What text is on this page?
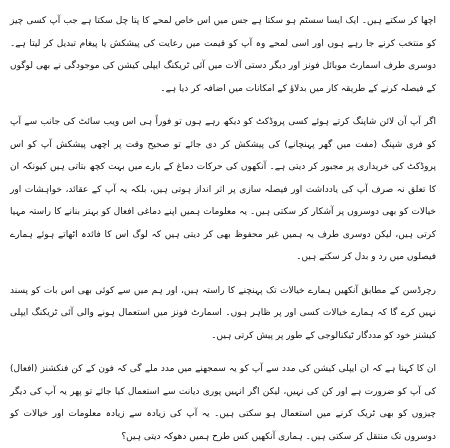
اچھا کر سکتے ہیں۔ ایک ایسا سسٹم ہو سکتا ہے جس میں اس خاص لمحے کا پتا چل سکتا ہے جب آپ کسی چیز کو منتخب کرنے جا رہے ہوں اور اسی لمحے وہ آپ کو قیمت میں رعایت کی پیشکش یا پیغام تبدیل کر لیتا ہے۔ دوسری طرف اسمارٹ موبائل فونز اور دیگر دستی آلات میں آئی ٹریکنگ ایپلی کیشن کی موجودگی نے بھی لوگوں کے فیصلہ کرنے کے طریقہ کار میں بدلاؤ کے امکانات میں اضافہ کر دیا ہے۔

اگر آپ آن لائن شاپنگ کرتے ہوئے کسی پروڈکٹ کو دیکھ رہے ہوں تو فوراً ہی اس ویب سائٹ کی جانب سے آپ کو فری شپنگ (مفت میں گھر پہنچانے) کی پیشکش کر دی جائے تو صحیح وقت پر اچھی پیشکش آپ کو اس پروڈکٹ کی خریداری پر مجبور کر دیتی ہے۔ آنکھوں کی حرکات دماغ کے بارے میں بہت کچھ بتاتی ہیں کیونکہ ان کا تعلق نہ صرف آپ کی یادداشت اور فیصلہ سازی پر اثر انداز ہوتی ہیں، بلکہ یہ آپ کے عقائد، خواہشات اور خیالات کو بھی دوسروں پر آشکار کر سکتی ہیں۔ یہ معلومات ہمیں اپنے دماغی افعال کو بہتر بنانے کا راستہ مہیا کرتی ہیں، لیکن دوسری طرف یہ ہمیں غیر محفوظ بھی کر دیتی ہیں کہ لوگ اس کا فائدہ اٹھاتے ہوئے ہمارے فیصلوں میں رد و بدل کر سکتے ہیں۔

رچرڈسن کے مطابق آنکھیں ہمارے خیالات تک پہنچنے کا راستہ ہیں، اور ہم میں سے کوئی بھی اس بات کو پسند نہیں کرے گا کہ ہمارے خیالات کسی اور پر ظاہر ہوں۔ اسمارٹ فونز میں استعمال ہونے والی آئی ٹریکنگ ایپلی کیشنز خود کو مددگار ٹیکنالوجی کے طور پر پیش کرتی ہیں۔

ان کا کہنا ہے کہ ان ایپلی کیشن کی مدد سے آپ کو یہ سمجھنے میں مدد ملے گی کہ فون کے کن فنکشنز (افعال) کی آپ کو ضرورت ہے اور کن کی نہیں، لیکن اگر انہیں پوری دیانت سے استعمال کیا جائے تو پھر یہ آپ کی دیگر چیزوں کو بھی ٹریک کرنے میں استعمال ہو سکتی ہیں۔ یہ آپ کی زیادہ سے زیادہ معلومات اور خیالات کو دوسروں تک منتقل کر سکتی ہیں۔ ہماری آنکھیں کس طرح ہمیں دھوکہ دیتی ہیں؟
